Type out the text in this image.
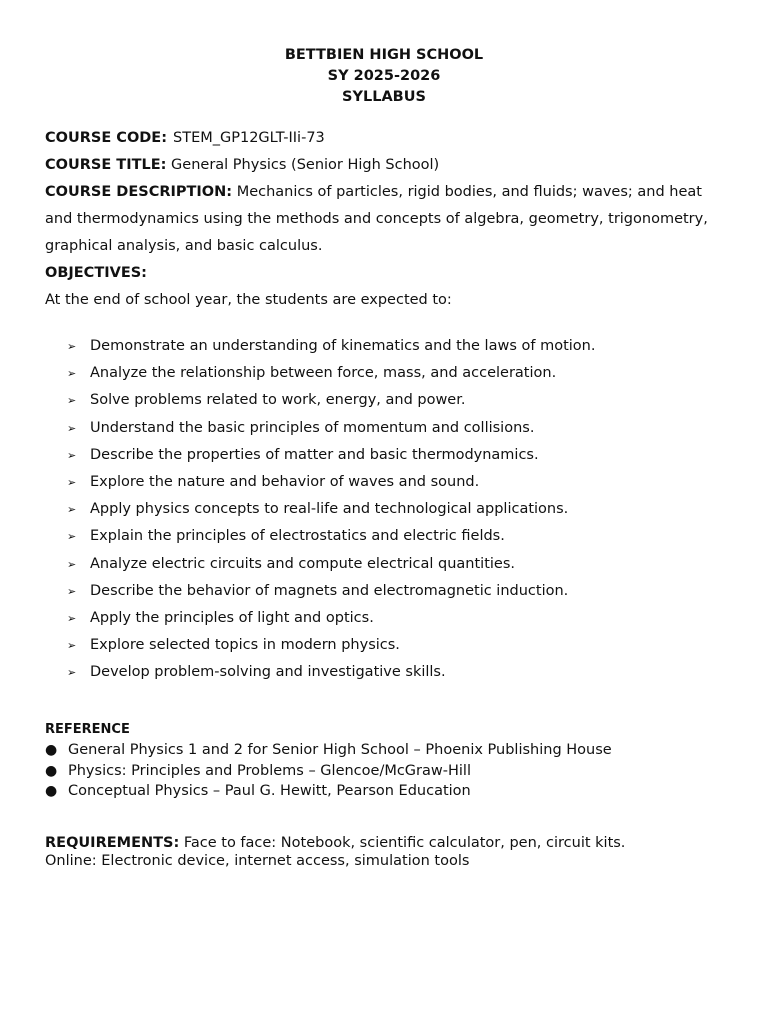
BETTBIEN HIGH SCHOOL
SY 2025-2026
SYLLABUS
COURSE CODE: STEM_GP12GLT-IIi-73
COURSE TITLE: General Physics (Senior High School)
COURSE DESCRIPTION: Mechanics of particles, rigid bodies, and fluids; waves; and heat and thermodynamics using the methods and concepts of algebra, geometry, trigonometry, graphical analysis, and basic calculus.
OBJECTIVES:
At the end of school year, the students are expected to:
➢ Demonstrate an understanding of kinematics and the laws of motion.
➢ Analyze the relationship between force, mass, and acceleration.
➢ Solve problems related to work, energy, and power.
➢ Understand the basic principles of momentum and collisions.
➢ Describe the properties of matter and basic thermodynamics.
➢ Explore the nature and behavior of waves and sound.
➢ Apply physics concepts to real-life and technological applications.
➢ Explain the principles of electrostatics and electric fields.
➢ Analyze electric circuits and compute electrical quantities.
➢ Describe the behavior of magnets and electromagnetic induction.
➢ Apply the principles of light and optics.
➢ Explore selected topics in modern physics.
➢ Develop problem-solving and investigative skills.
REFERENCE
● General Physics 1 and 2 for Senior High School – Phoenix Publishing House
● Physics: Principles and Problems – Glencoe/McGraw-Hill
● Conceptual Physics – Paul G. Hewitt, Pearson Education
REQUIREMENTS: Face to face: Notebook, scientific calculator, pen, circuit kits.
Online: Electronic device, internet access, simulation tools
